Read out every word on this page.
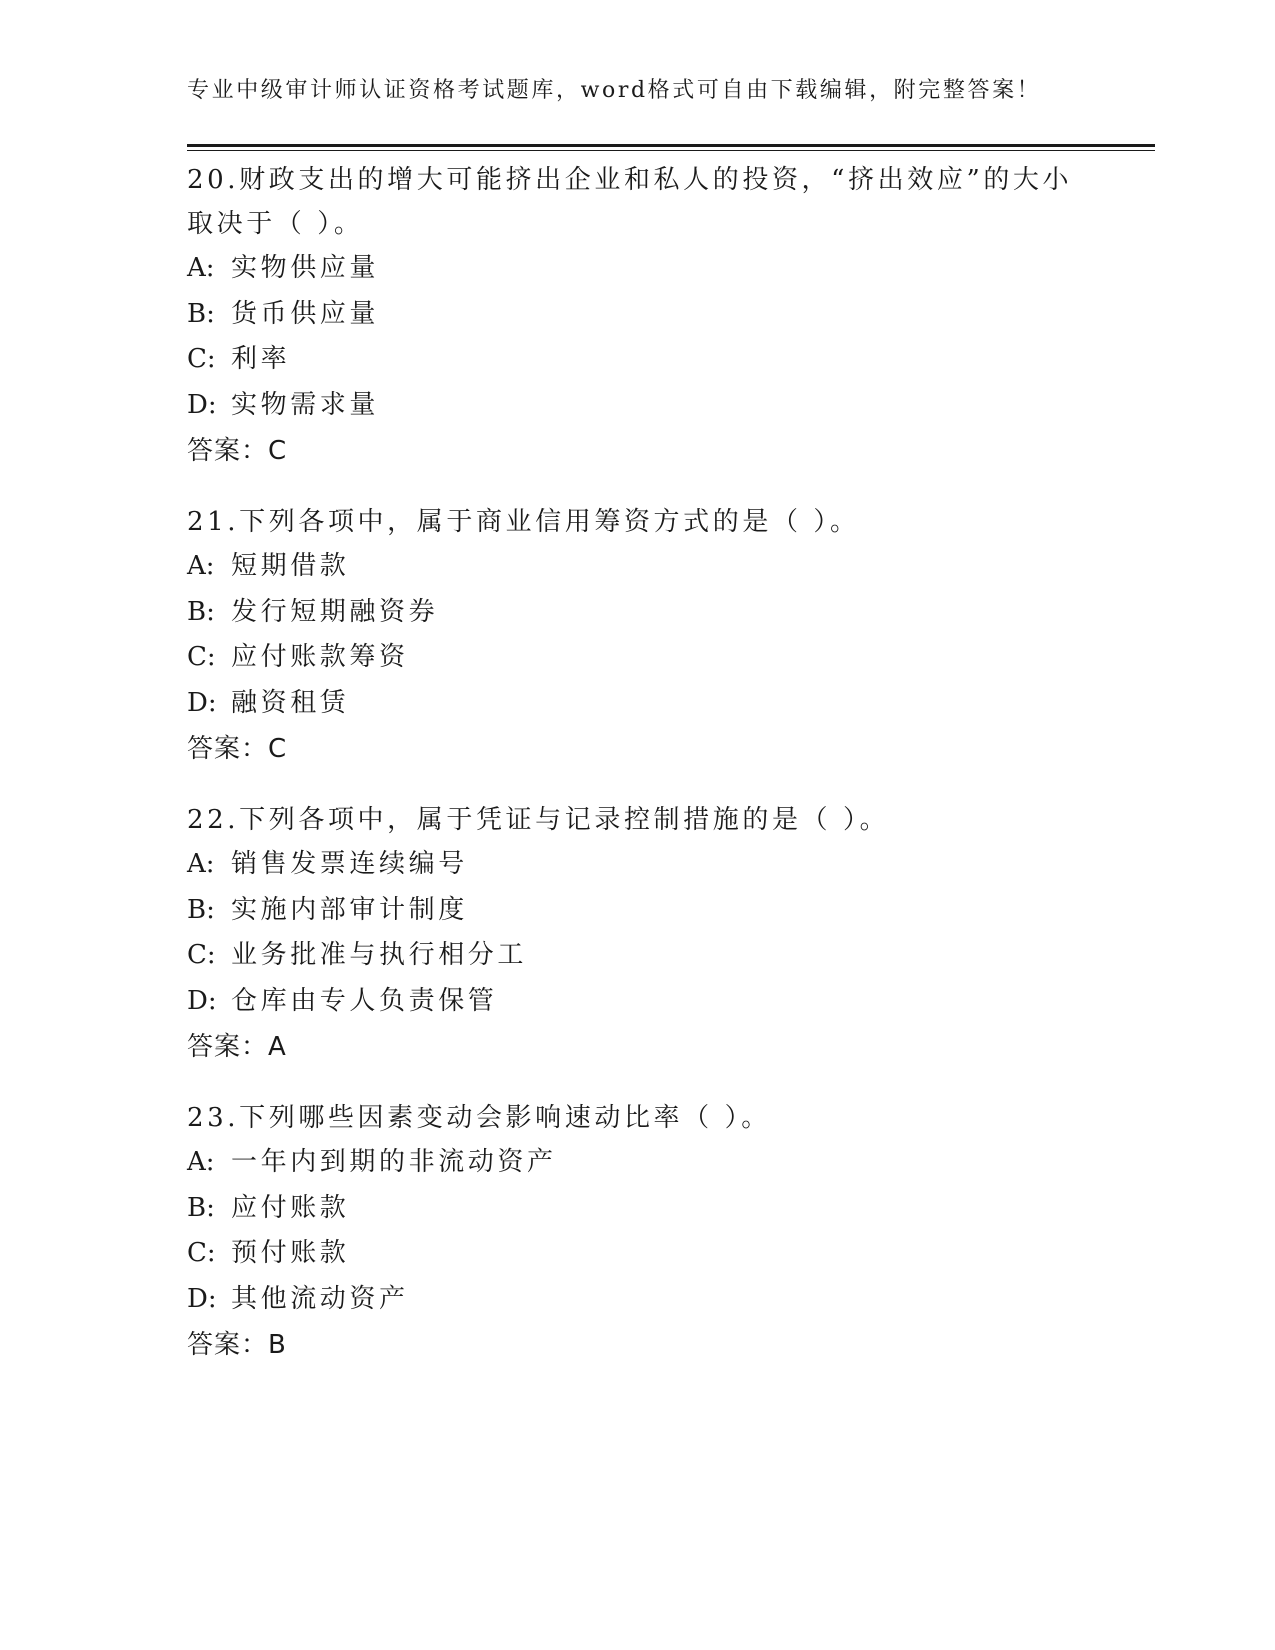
专业中级审计师认证资格考试题库，word格式可自由下载编辑，附完整答案！
20.财政支出的增大可能挤出企业和私人的投资，“挤出效应”的大小取决于（ ）。
A: 实物供应量
B: 货币供应量
C: 利率
D: 实物需求量
答案：C
21.下列各项中，属于商业信用筹资方式的是（ ）。
A: 短期借款
B: 发行短期融资券
C: 应付账款筹资
D: 融资租赁
答案：C
22.下列各项中，属于凭证与记录控制措施的是（ ）。
A: 销售发票连续编号
B: 实施内部审计制度
C: 业务批准与执行相分工
D: 仓库由专人负责保管
答案：A
23.下列哪些因素变动会影响速动比率（ ）。
A: 一年内到期的非流动资产
B: 应付账款
C: 预付账款
D: 其他流动资产
答案：B
